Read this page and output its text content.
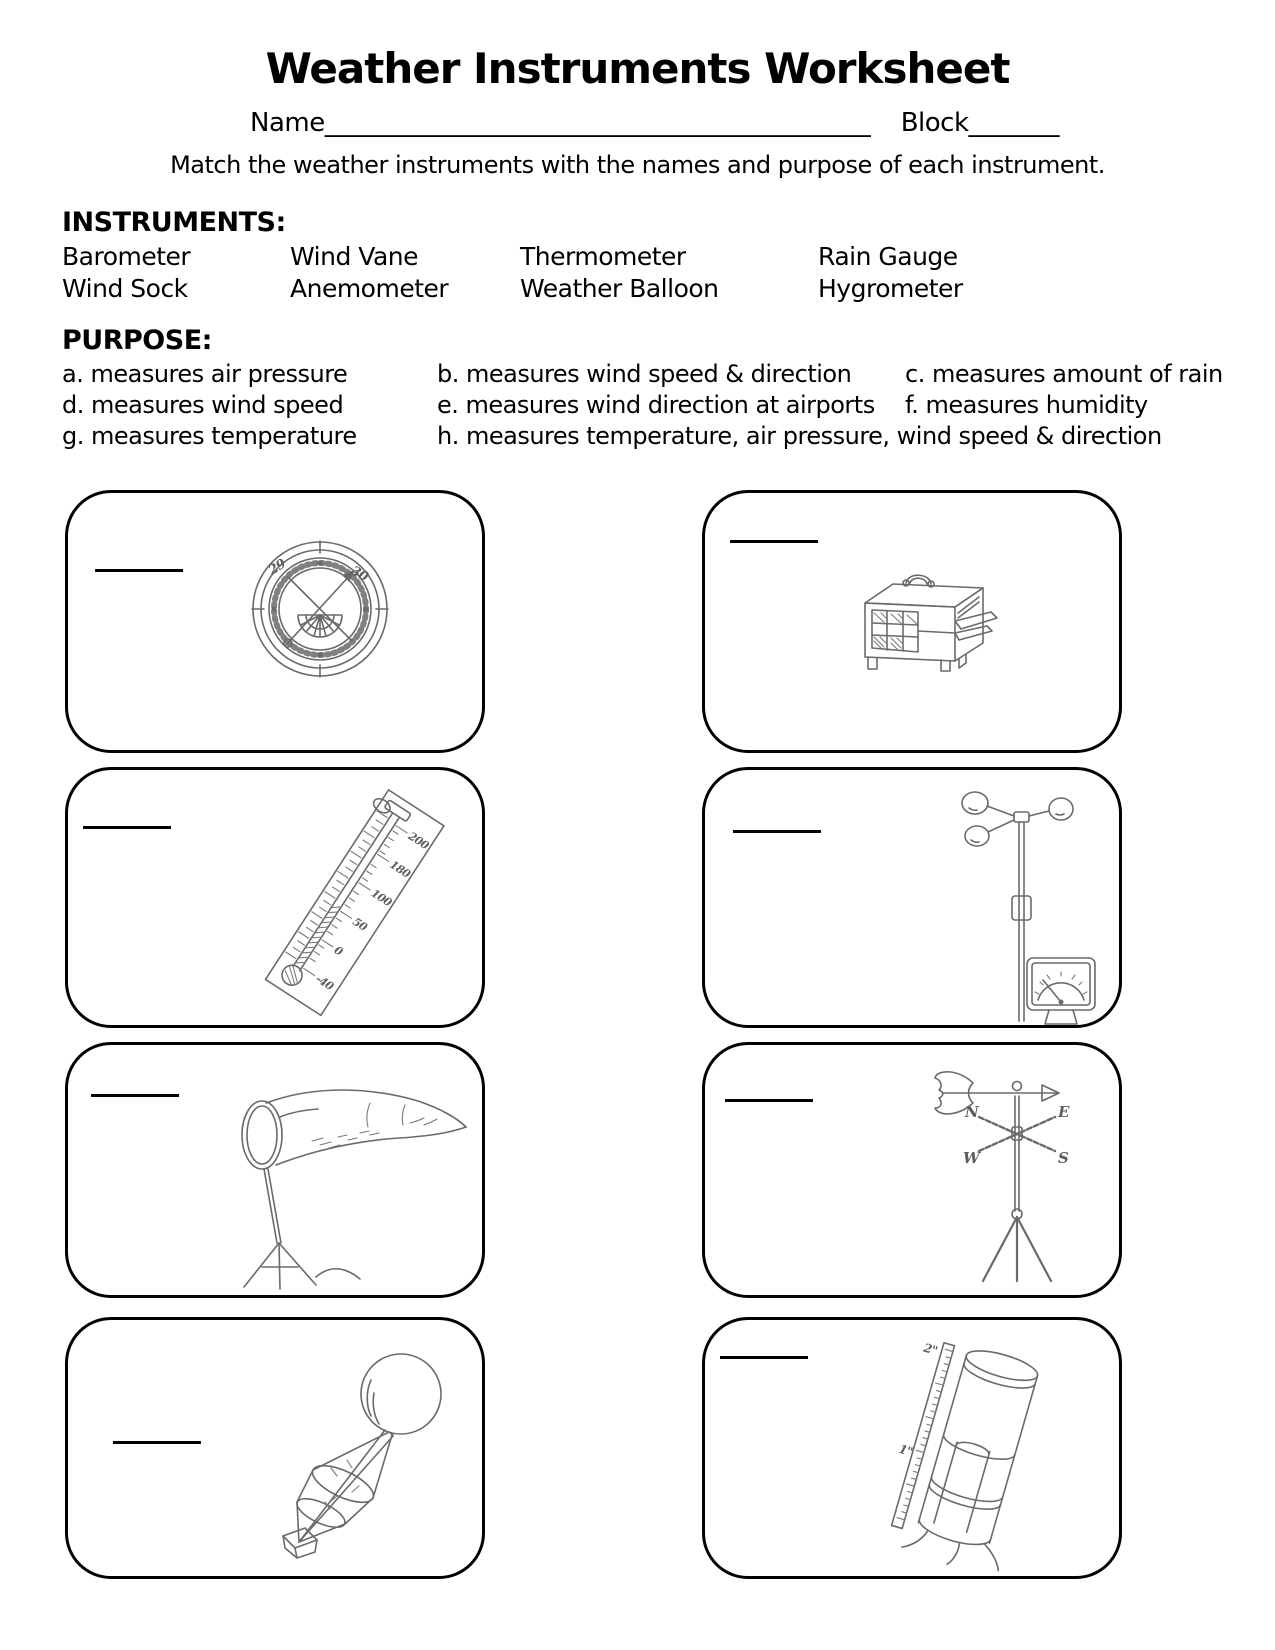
Weather Instruments Worksheet
Name__________________________________________ Block_______
Match the weather instruments with the names and purpose of each instrument.
INSTRUMENTS:
Barometer	Wind Vane	Thermometer	Rain Gauge
Wind Sock	Anemometer	Weather Balloon	Hygrometer
PURPOSE:
a. measures air pressure	b. measures wind speed & direction c. measures amount of rain
d. measures wind speed	e. measures wind direction at airports f. measures humidity
g. measures temperature	h. measures temperature, air pressure, wind speed & direction
29	30
200
180
100
50
0
-40
N	E
W	S
2"
1"
